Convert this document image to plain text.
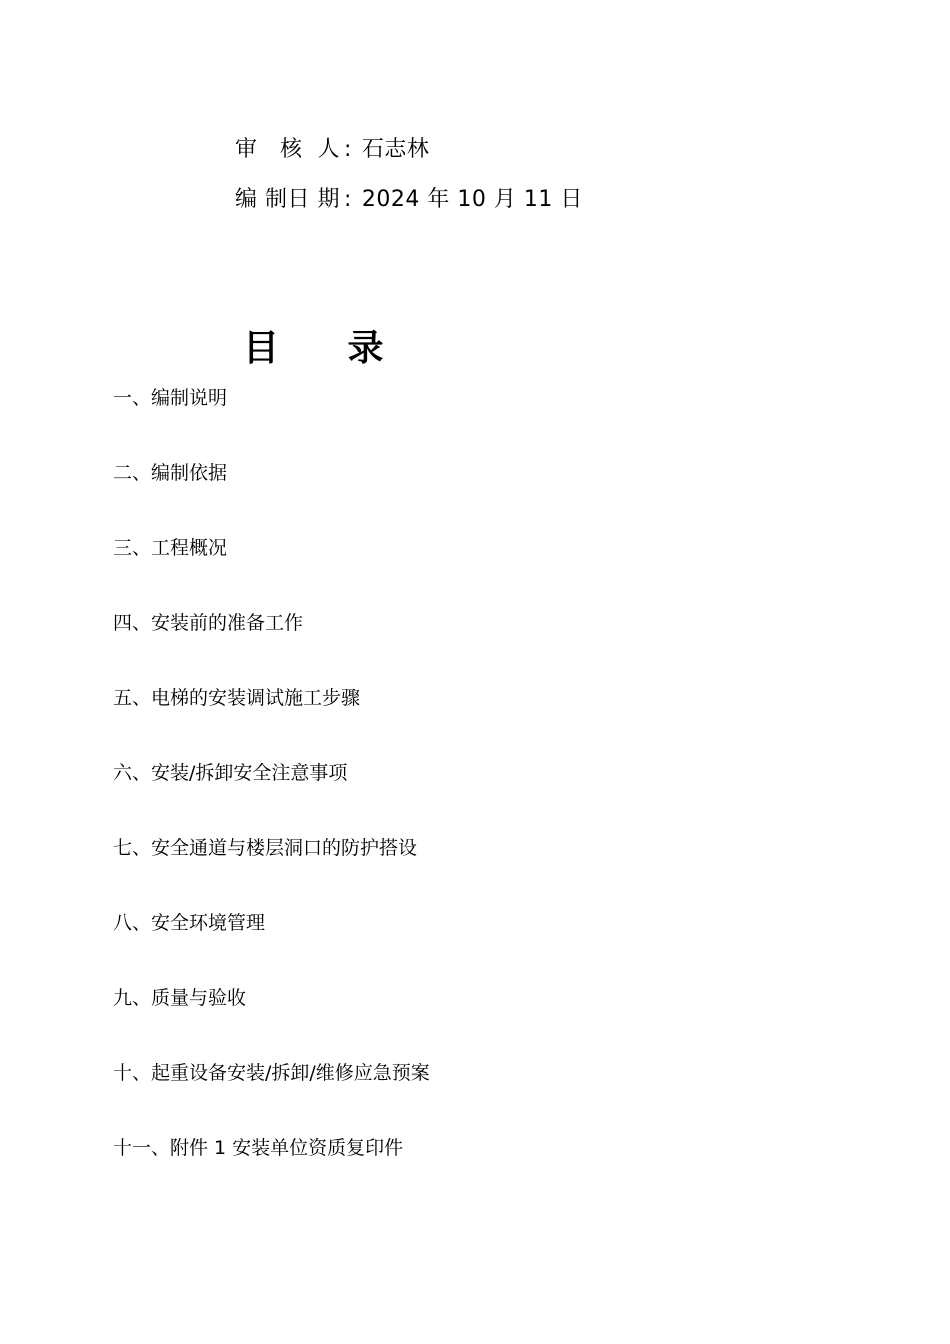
审   核  人 : 石志林
编 制日 期 : 2024 年 10 月 11 日
目 录
一、编制说明
二、编制依据
三、工程概况
四、安装前的准备工作
五、电梯的安装调试施工步骤
六、安装/拆卸安全注意事项
七、安全通道与楼层洞口的防护搭设
八、安全环境管理
九、质量与验收
十、起重设备安装/拆卸/维修应急预案
十一、附件 1 安装单位资质复印件
